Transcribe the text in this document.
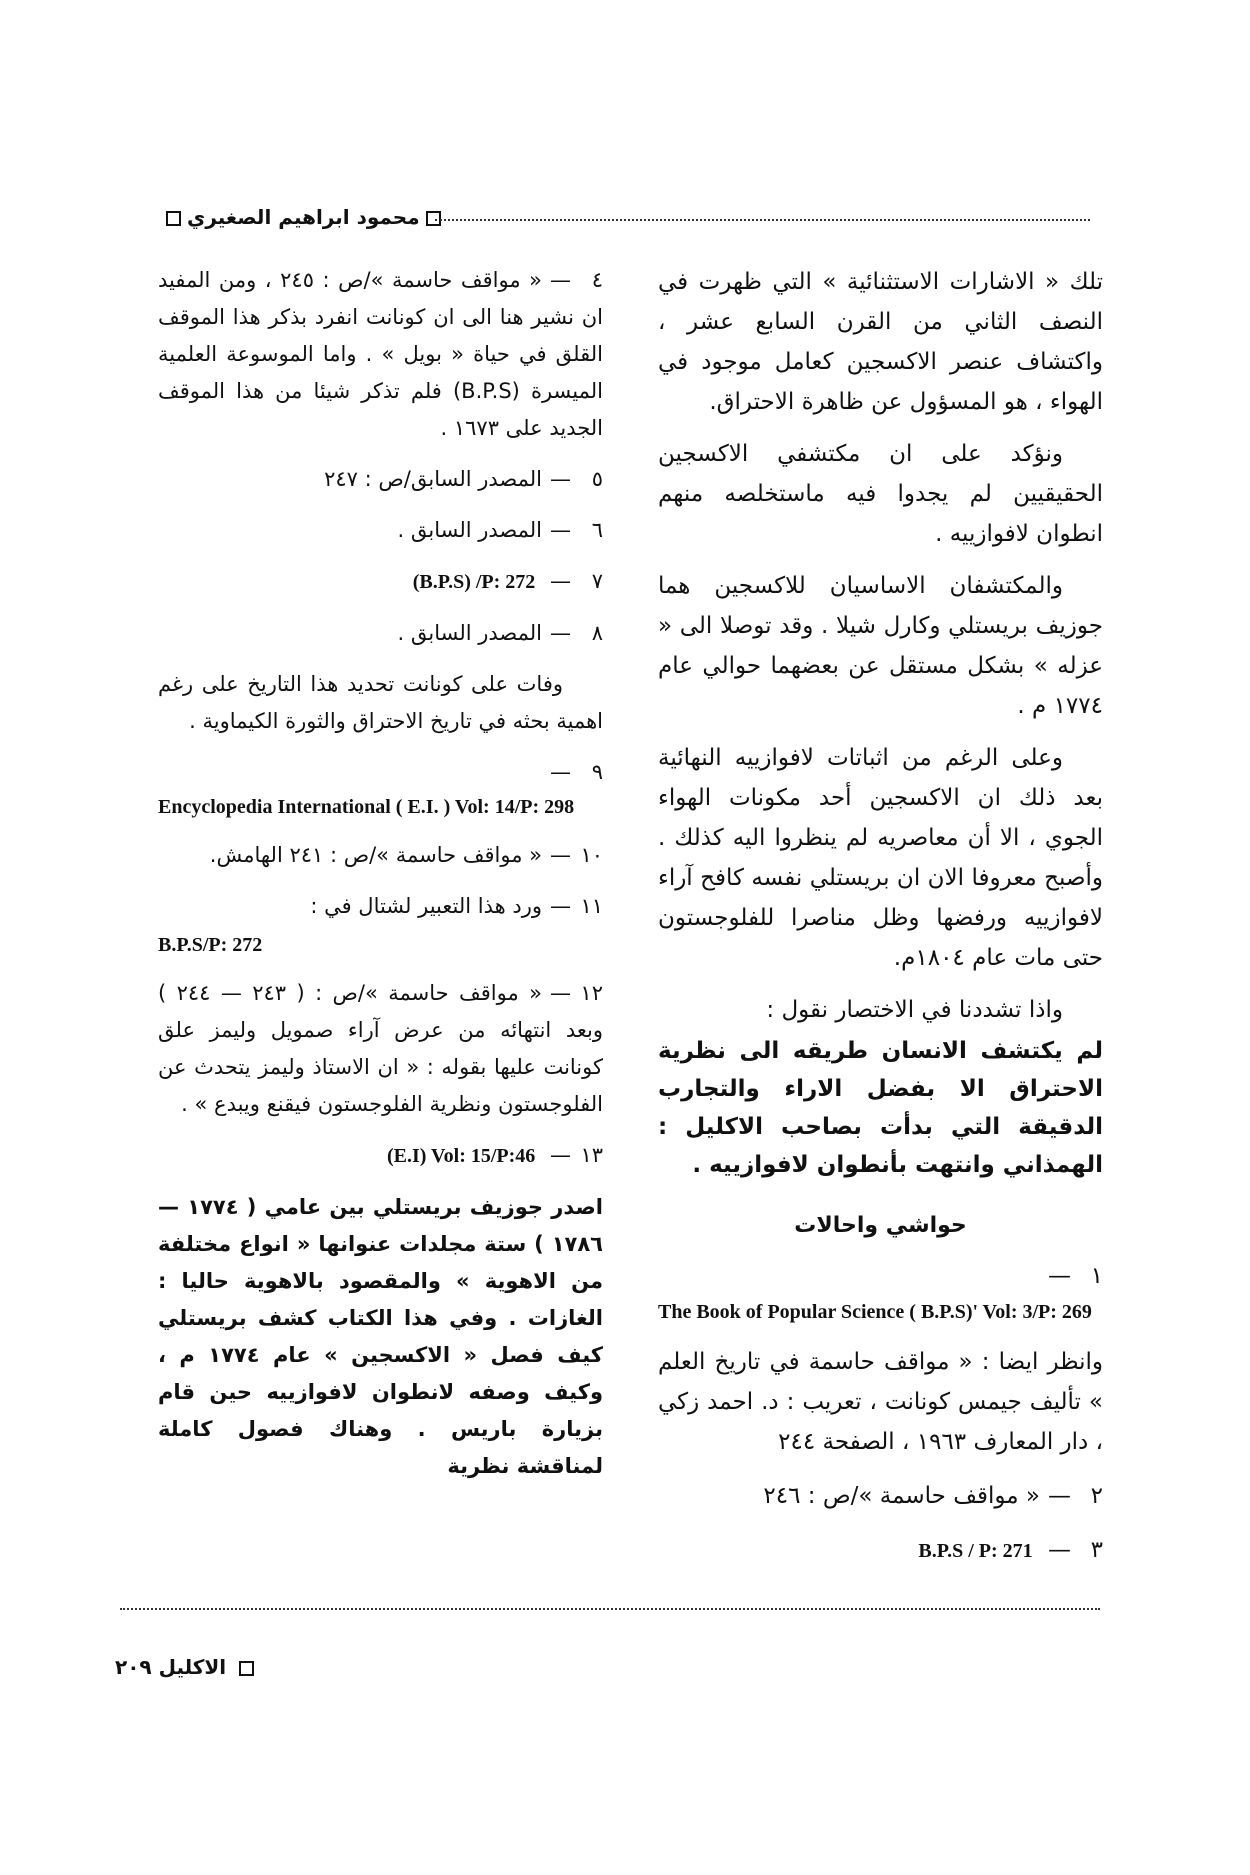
محمود ابراهيم الصغيري

تلك « الاشارات الاستثنائية » التي ظهرت في النصف الثاني من القرن السابع عشر ، واكتشاف عنصر الاكسجين كعامل موجود في الهواء ، هو المسؤول عن ظاهرة الاحتراق.

ونؤكد على ان مكتشفي الاكسجين الحقيقيين لم يجدوا فيه ماستخلصه منهم انطوان لافوازييه .

والمكتشفان الاساسيان للاكسجين هما جوزيف بريستلي وكارل شيلا . وقد توصلا الى « عزله » بشكل مستقل عن بعضهما حوالي عام ١٧٧٤ م .

وعلى الرغم من اثباتات لافوازييه النهائية بعد ذلك ان الاكسجين أحد مكونات الهواء الجوي ، الا أن معاصريه لم ينظروا اليه كذلك . وأصبح معروفا الان ان بريستلي نفسه كافح آراء لافوازييه ورفضها وظل مناصرا للفلوجستون حتى مات عام ١٨٠٤م.

واذا تشددنا في الاختصار نقول :

لم يكتشف الانسان طريقه الى نظرية الاحتراق الا بفضل الاراء والتجارب الدقيقة التي بدأت بصاحب الاكليل : الهمذاني وانتهت بأنطوان لافوازييه .

حواشي واحالات
١—
The Book of Popular Science ( B.P.S)' Vol: 3/P: 269
وانظر ايضا : « مواقف حاسمة في تاريخ العلم » تأليف جيمس كونانت ، تعريب : د. احمد زكي ، دار المعارف ١٩٦٣ ، الصفحة ٢٤٤
٢—« مواقف حاسمة »/ص : ٢٤٦
٣— B.P.S / P: 271
٤—« مواقف حاسمة »/ص : ٢٤٥ ، ومن المفيد ان نشير هنا الى ان كونانت انفرد بذكر هذا الموقف القلق في حياة « بويل » . واما الموسوعة العلمية الميسرة (B.P.S) فلم تذكر شيئا من هذا الموقف الجديد على ١٦٧٣ .
٥—المصدر السابق/ص : ٢٤٧
٦—المصدر السابق .
٧— (B.P.S) /P: 272
٨—المصدر السابق .
وفات على كونانت تحديد هذا التاريخ على رغم اهمية بحثه في تاريخ الاحتراق والثورة الكيماوية .
٩—
Encyclopedia International ( E.I. ) Vol: 14/P: 298
١٠—« مواقف حاسمة »/ص : ٢٤١ الهامش.
١١—ورد هذا التعبير لشتال في :
B.P.S/P: 272
١٢—« مواقف حاسمة »/ص : ( ٢٤٣ — ٢٤٤ ) وبعد انتهائه من عرض آراء صمويل وليمز علق كونانت عليها بقوله : « ان الاستاذ وليمز يتحدث عن الفلوجستون ونظرية الفلوجستون فيقنع ويبدع » .
١٣— (E.I) Vol: 15/P:46
اصدر جوزيف بريستلي بين عامي ( ١٧٧٤ — ١٧٨٦ ) ستة مجلدات عنوانها « انواع مختلفة من الاهوية » والمقصود بالاهوية حاليا : الغازات . وفي هذا الكتاب كشف بريستلي كيف فصل « الاكسجين » عام ١٧٧٤ م ، وكيف وصفه لانطوان لافوازييه حين قام بزيارة باريس . وهناك فصول كاملة لمناقشة نظرية
الاكليل ٢٠٩
